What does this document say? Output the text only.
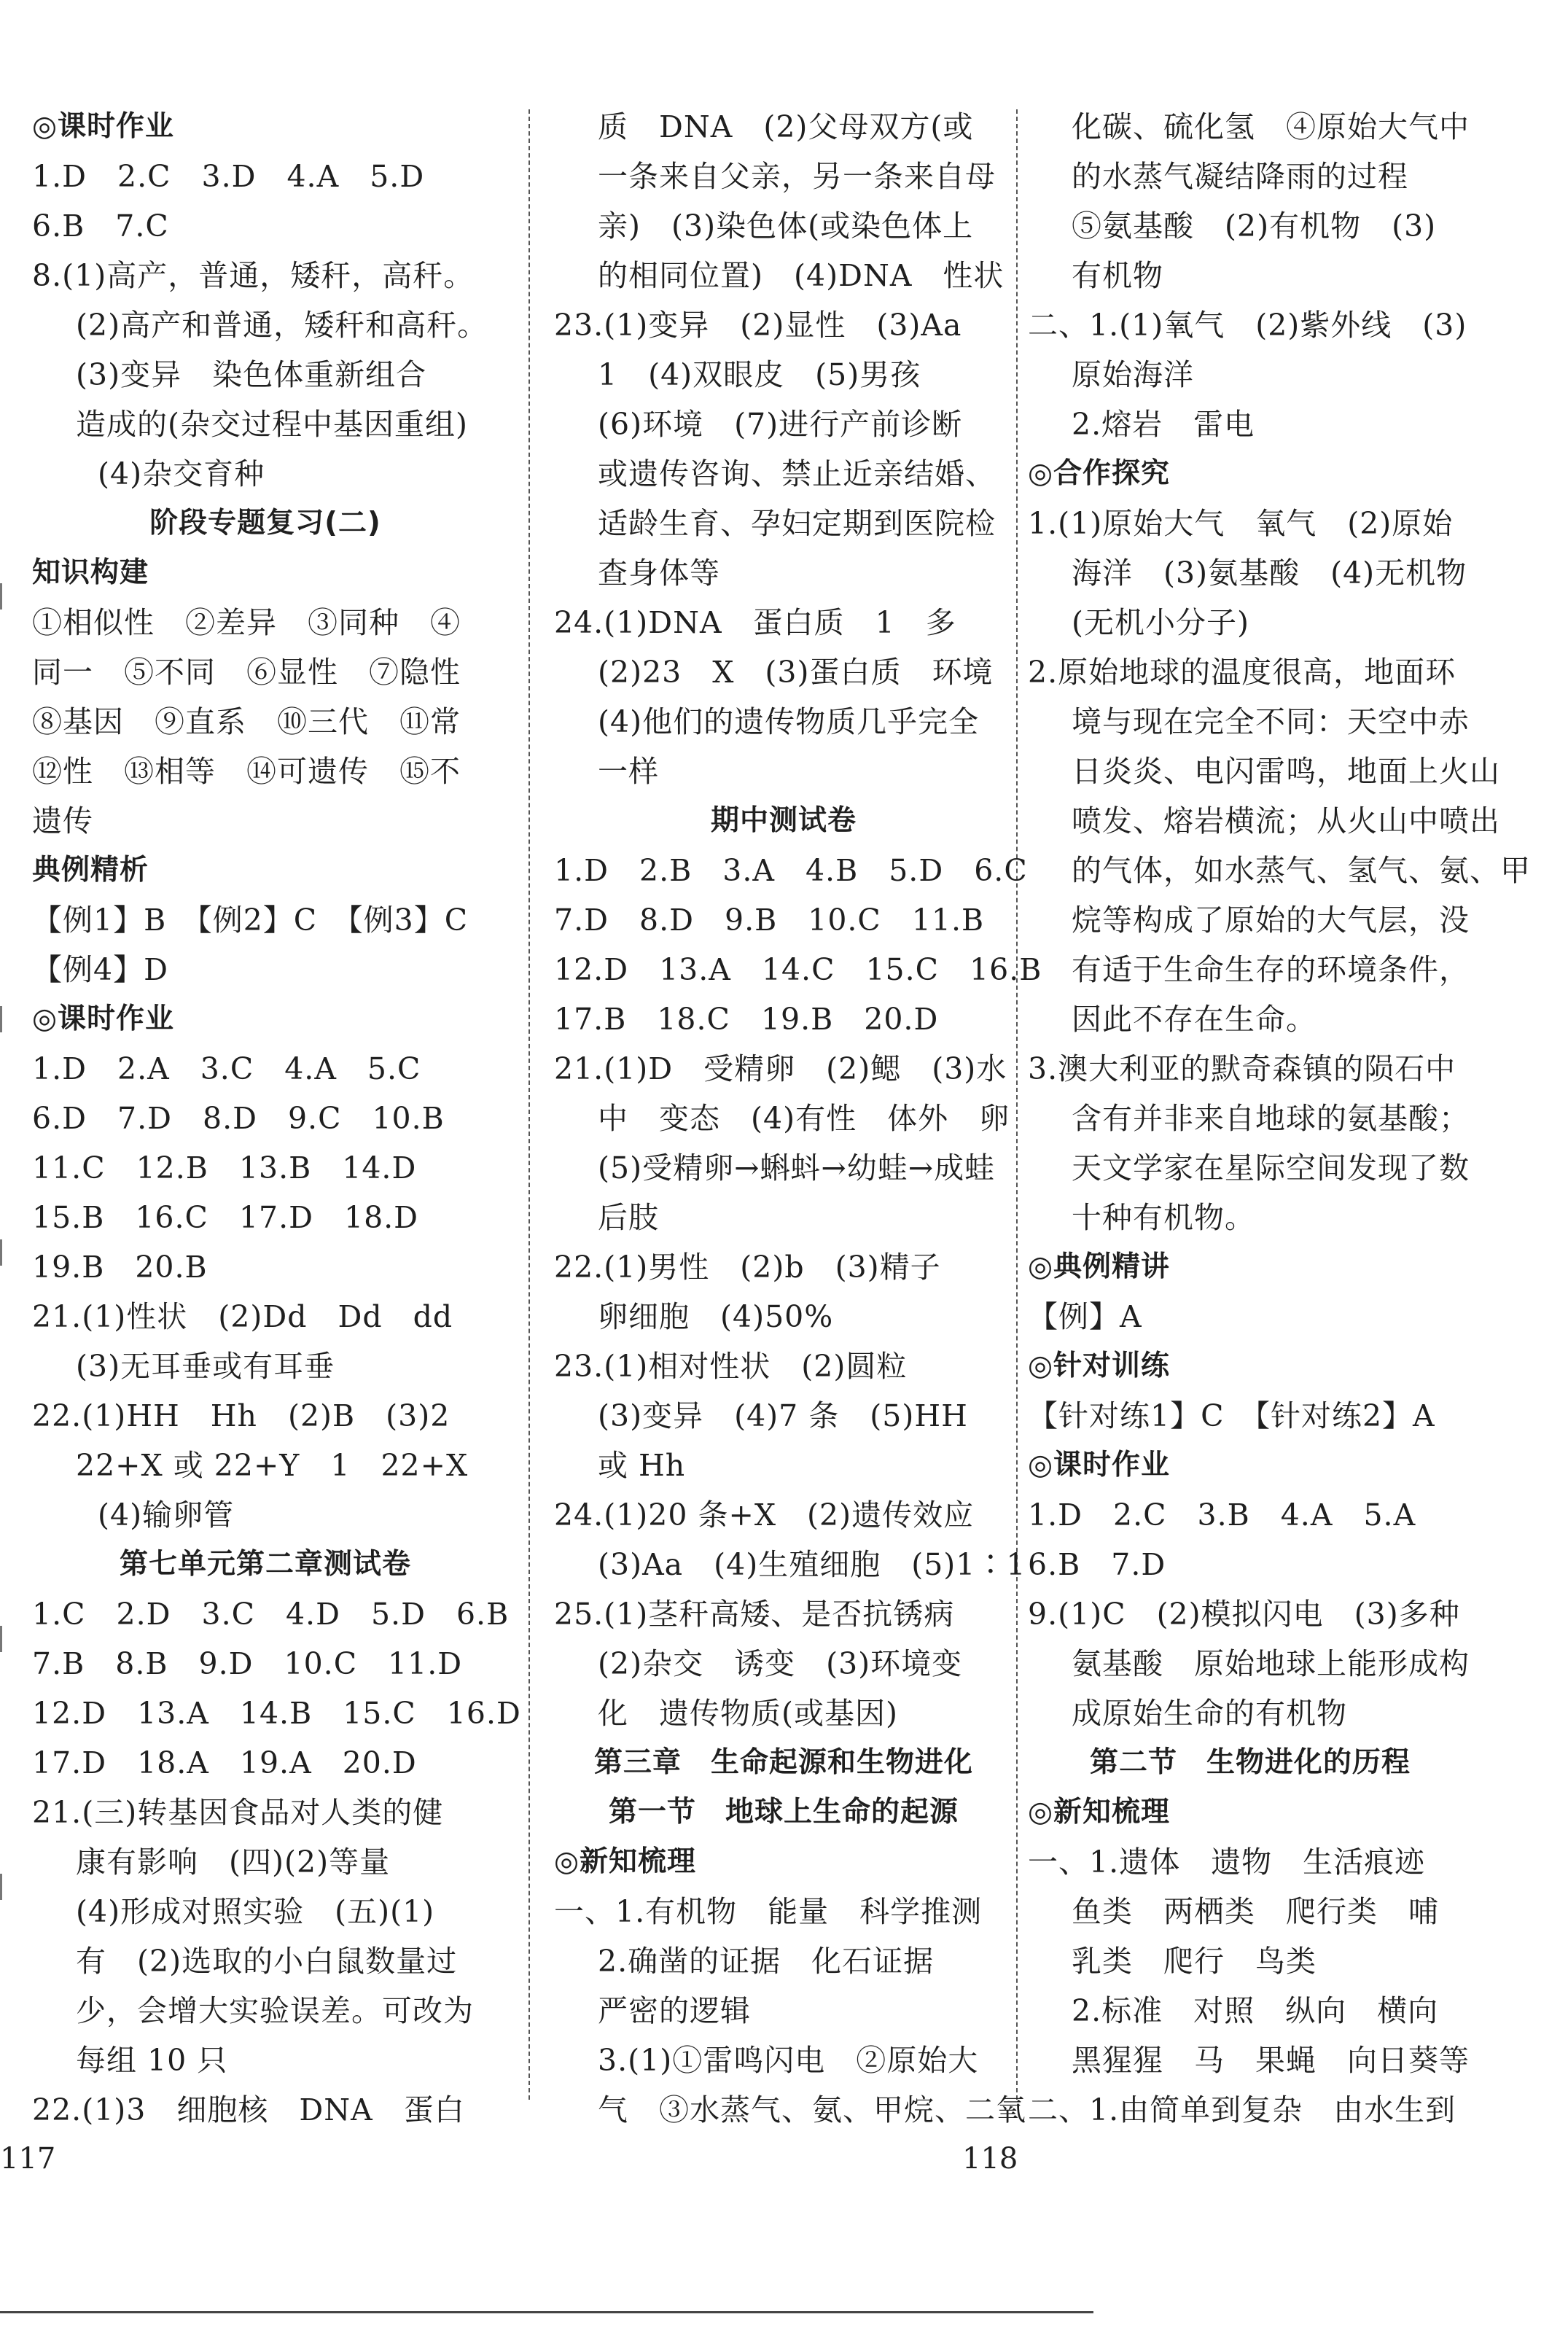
◎课时作业
1.D　2.C　3.D　4.A　5.D
6.B　7.C
8.(1)高产，普通，矮秆，高秆。
(2)高产和普通，矮秆和高秆。
(3)变异　染色体重新组合
造成的(杂交过程中基因重组)
(4)杂交育种
阶段专题复习(二)
知识构建
①相似性　②差异　③同种　④
同一　⑤不同　⑥显性　⑦隐性
⑧基因　⑨直系　⑩三代　⑪常
⑫性　⑬相等　⑭可遗传　⑮不
遗传
典例精析
【例1】B　【例2】C　【例3】C
【例4】D
◎课时作业
1.D　2.A　3.C　4.A　5.C
6.D　7.D　8.D　9.C　10.B
11.C　12.B　13.B　14.D
15.B　16.C　17.D　18.D
19.B　20.B
21.(1)性状　(2)Dd　Dd　dd
(3)无耳垂或有耳垂
22.(1)HH　Hh　(2)B　(3)2
22+X 或 22+Y　1　22+X
(4)输卵管
第七单元第二章测试卷
1.C　2.D　3.C　4.D　5.D　6.B
7.B　8.B　9.D　10.C　11.D
12.D　13.A　14.B　15.C　16.D
17.D　18.A　19.A　20.D
21.(三)转基因食品对人类的健
康有影响　(四)(2)等量
(4)形成对照实验　(五)(1)
有　(2)选取的小白鼠数量过
少，会增大实验误差。可改为
每组 10 只
22.(1)3　细胞核　DNA　蛋白
质　DNA　(2)父母双方(或
一条来自父亲，另一条来自母
亲)　(3)染色体(或染色体上
的相同位置)　(4)DNA　性状
23.(1)变异　(2)显性　(3)Aa
1　(4)双眼皮　(5)男孩
(6)环境　(7)进行产前诊断
或遗传咨询、禁止近亲结婚、
适龄生育、孕妇定期到医院检
查身体等
24.(1)DNA　蛋白质　1　多
(2)23　X　(3)蛋白质　环境
(4)他们的遗传物质几乎完全
一样
期中测试卷
1.D　2.B　3.A　4.B　5.D　6.C
7.D　8.D　9.B　10.C　11.B
12.D　13.A　14.C　15.C　16.B
17.B　18.C　19.B　20.D
21.(1)D　受精卵　(2)鳃　(3)水
中　变态　(4)有性　体外　卵
(5)受精卵→蝌蚪→幼蛙→成蛙
后肢
22.(1)男性　(2)b　(3)精子
卵细胞　(4)50%
23.(1)相对性状　(2)圆粒
(3)变异　(4)7 条　(5)HH
或 Hh
24.(1)20 条+X　(2)遗传效应
(3)Aa　(4)生殖细胞　(5)1∶1
25.(1)茎秆高矮、是否抗锈病
(2)杂交　诱变　(3)环境变
化　遗传物质(或基因)
第三章　生命起源和生物进化
第一节　地球上生命的起源
◎新知梳理
一、1.有机物　能量　科学推测
2.确凿的证据　化石证据
严密的逻辑
3.(1)①雷鸣闪电　②原始大
气　③水蒸气、氨、甲烷、二氧
化碳、硫化氢　④原始大气中
的水蒸气凝结降雨的过程
⑤氨基酸　(2)有机物　(3)
有机物
二、1.(1)氧气　(2)紫外线　(3)
原始海洋
2.熔岩　雷电
◎合作探究
1.(1)原始大气　氧气　(2)原始
海洋　(3)氨基酸　(4)无机物
(无机小分子)
2.原始地球的温度很高，地面环
境与现在完全不同：天空中赤
日炎炎、电闪雷鸣，地面上火山
喷发、熔岩横流；从火山中喷出
的气体，如水蒸气、氢气、氨、甲
烷等构成了原始的大气层，没
有适于生命生存的环境条件，
因此不存在生命。
3.澳大利亚的默奇森镇的陨石中
含有并非来自地球的氨基酸；
天文学家在星际空间发现了数
十种有机物。
◎典例精讲
【例】A
◎针对训练
【针对练1】C　【针对练2】A
◎课时作业
1.D　2.C　3.B　4.A　5.A
6.B　7.D
9.(1)C　(2)模拟闪电　(3)多种
氨基酸　原始地球上能形成构
成原始生命的有机物
第二节　生物进化的历程
◎新知梳理
一、1.遗体　遗物　生活痕迹
鱼类　两栖类　爬行类　哺
乳类　爬行　鸟类
2.标准　对照　纵向　横向
黑猩猩　马　果蝇　向日葵等
二、1.由简单到复杂　由水生到
117	118
